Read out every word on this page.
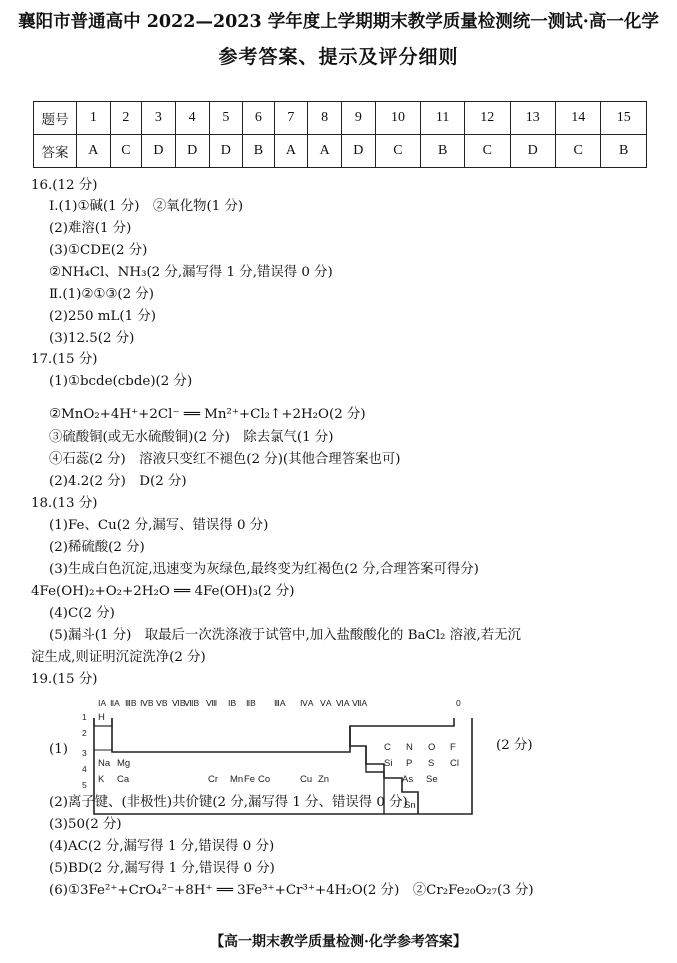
襄阳市普通高中 2022—2023 学年度上学期期末教学质量检测统一测试·高一化学
参考答案、提示及评分细则
题号	1	2	3	4	5	6	7	8	9	10	11	12	13	14	15
答案	A	C	D	D	D	B	A	A	D	C	B	C	D	C	B
16.(12 分)
Ⅰ.(1)①碱(1 分)　②氧化物(1 分)
(2)难溶(1 分)
(3)①CDE(2 分)
②NH₄Cl、NH₃(2 分,漏写得 1 分,错误得 0 分)
Ⅱ.(1)②①③(2 分)
(2)250 mL(1 分)
(3)12.5(2 分)
17.(15 分)
(1)①bcde(cbde)(2 分)
②MnO₂+4H⁺+2Cl⁻ ══ Mn²⁺+Cl₂↑+2H₂O(2 分)
③硫酸铜(或无水硫酸铜)(2 分)　除去氯气(1 分)
④石蕊(2 分)　溶液只变红不褪色(2 分)(其他合理答案也可)
(2)4.2(2 分)　D(2 分)
18.(13 分)
(1)Fe、Cu(2 分,漏写、错误得 0 分)
(2)稀硫酸(2 分)
(3)生成白色沉淀,迅速变为灰绿色,最终变为红褐色(2 分,合理答案可得分)
4Fe(OH)₂+O₂+2H₂O ══ 4Fe(OH)₃(2 分)
(4)C(2 分)
(5)漏斗(1 分)　取最后一次洗涤液于试管中,加入盐酸酸化的 BaCl₂ 溶液,若无沉
淀生成,则证明沉淀洗净(2 分)
19.(15 分)
(1)	(2 分)
(2)离子键、(非极性)共价键(2 分,漏写得 1 分、错误得 0 分)
(3)50(2 分)
(4)AC(2 分,漏写得 1 分,错误得 0 分)
(5)BD(2 分,漏写得 1 分,错误得 0 分)
(6)①3Fe²⁺+CrO₄²⁻+8H⁺ ══ 3Fe³⁺+Cr³⁺+4H₂O(2 分)　②Cr₂Fe₂₀O₂₇(3 分)
ⅠA ⅡA ⅢB ⅣB ⅤB ⅥB
ⅦB Ⅷ ⅠB ⅡB ⅢA ⅣA ⅤA ⅥA ⅦA	0
1
2
3
4
5
H
Na Mg
K Ca	Cr Mn Fe Co	Cu Zn
C N O F
Si P S Cl
As Se
Sn
【高一期末教学质量检测·化学参考答案】
